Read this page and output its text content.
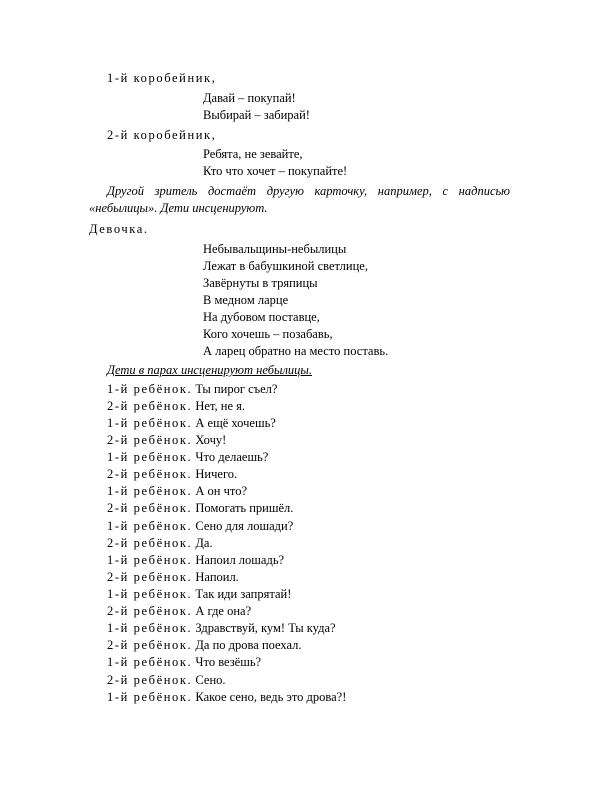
1-й коробейник,
Давай – покупай!
Выбирай – забирай!
2-й коробейник,
Ребята, не зевайте,
Кто что хочет – покупайте!
Другой зритель достаёт другую карточку, например, с надписью
«небылицы». Дети инсценируют.
Девочка.
Небывальщины-небылицы
Лежат в бабушкиной светлице,
Завёрнуты в тряпицы
В медном ларце
На дубовом поставце,
Кого хочешь – позабавь,
А ларец обратно на место поставь.
Дети в парах инсценируют небылицы.
1-й ребёнок. Ты пирог съел?
2-й ребёнок. Нет, не я.
1-й ребёнок. А ещё хочешь?
2-й ребёнок. Хочу!
1-й ребёнок. Что делаешь?
2-й ребёнок. Ничего.
1-й ребёнок. А он что?
2-й ребёнок. Помогать пришёл.
1-й ребёнок. Сено для лошади?
2-й ребёнок. Да.
1-й ребёнок. Напоил лошадь?
2-й ребёнок. Напоил.
1-й ребёнок. Так иди запрятай!
2-й ребёнок. А где она?
1-й ребёнок. Здравствуй, кум! Ты куда?
2-й ребёнок. Да по дрова поехал.
1-й ребёнок. Что везёшь?
2-й ребёнок. Сено.
1-й ребёнок. Какое сено, ведь это дрова?!
